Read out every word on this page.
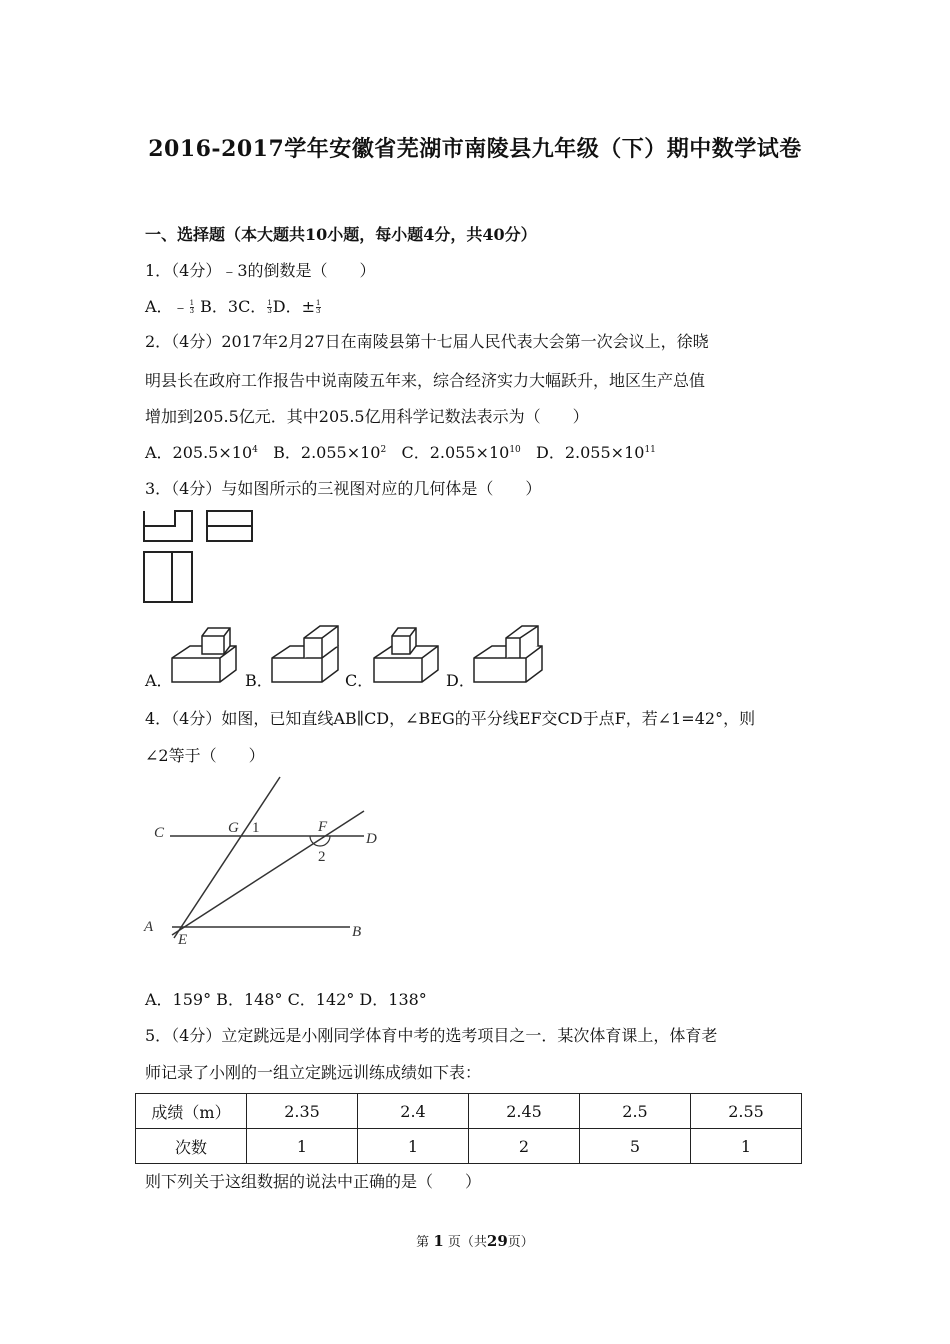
2016-2017学年安徽省芜湖市南陵县九年级（下）期中数学试卷
一、选择题（本大题共10小题，每小题4分，共40分）
1．（4分）﹣3的倒数是（　　）
A．﹣ $\frac{1}{3}$ B．3C． $\frac{1}{3}$ D．± $\frac{1}{3}$
2．（4分）2017年2月27日在南陵县第十七届人民代表大会第一次会议上，徐晓
明县长在政府工作报告中说南陵五年来，综合经济实力大幅跃升，地区生产总值
增加到205.5亿元．其中205.5亿用科学记数法表示为（　　）
A．$205.5\times 10^4$ B．$2.055\times 10^2$ C．$2.055\times 10^{10}$ D．$2.055\times 10^{11}$
3．（4分）与如图所示的三视图对应的几何体是（　　）
A．	B．	C．	D．
4．（4分）如图，已知直线AB∥CD，∠BEG的平分线EF交CD于点F，若∠1=42°，则
∠2等于（　　）
C	G 1	F
D
2
A
E	B
A．159° B．148° C．142° D．138°
5．（4分）立定跳远是小刚同学体育中考的选考项目之一．某次体育课上，体育老
师记录了小刚的一组立定跳远训练成绩如下表：
成绩（m）	2.35	2.4	2.45	2.5	2.55
次数	1	1	2	5	1
则下列关于这组数据的说法中正确的是（　　）
第 1 页（共29页）
